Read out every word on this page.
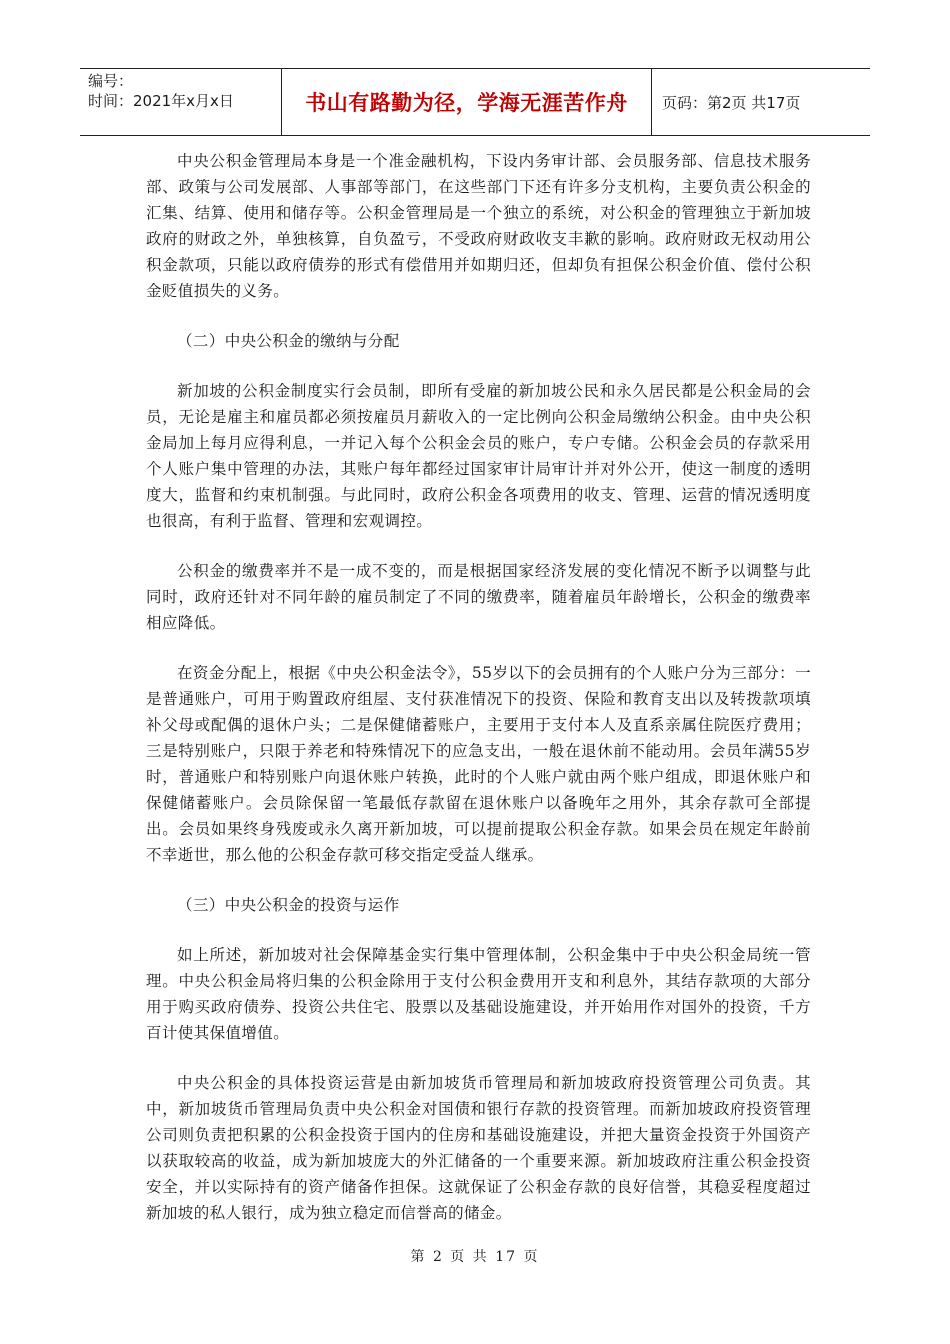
编号：
时间：2021年x月x日	书山有路勤为径，学海无涯苦作舟	页码：第2页 共17页

中央公积金管理局本身是一个准金融机构，下设内务审计部、会员服务部、信息技术服务部、政策与公司发展部、人事部等部门，在这些部门下还有许多分支机构，主要负责公积金的汇集、结算、使用和储存等。公积金管理局是一个独立的系统，对公积金的管理独立于新加坡政府的财政之外，单独核算，自负盈亏，不受政府财政收支丰歉的影响。政府财政无权动用公积金款项，只能以政府债券的形式有偿借用并如期归还，但却负有担保公积金价值、偿付公积金贬值损失的义务。

（二）中央公积金的缴纳与分配

新加坡的公积金制度实行会员制，即所有受雇的新加坡公民和永久居民都是公积金局的会员，无论是雇主和雇员都必须按雇员月薪收入的一定比例向公积金局缴纳公积金。由中央公积金局加上每月应得利息，一并记入每个公积金会员的账户，专户专储。公积金会员的存款采用个人账户集中管理的办法，其账户每年都经过国家审计局审计并对外公开，使这一制度的透明度大，监督和约束机制强。与此同时，政府公积金各项费用的收支、管理、运营的情况透明度也很高，有利于监督、管理和宏观调控。

公积金的缴费率并不是一成不变的，而是根据国家经济发展的变化情况不断予以调整与此同时，政府还针对不同年龄的雇员制定了不同的缴费率，随着雇员年龄增长，公积金的缴费率相应降低。

在资金分配上，根据《中央公积金法令》，55岁以下的会员拥有的个人账户分为三部分：一是普通账户，可用于购置政府组屋、支付获准情况下的投资、保险和教育支出以及转拨款项填补父母或配偶的退休户头；二是保健储蓄账户，主要用于支付本人及直系亲属住院医疗费用；三是特别账户，只限于养老和特殊情况下的应急支出，一般在退休前不能动用。会员年满55岁时，普通账户和特别账户向退休账户转换，此时的个人账户就由两个账户组成，即退休账户和保健储蓄账户。会员除保留一笔最低存款留在退休账户以备晚年之用外，其余存款可全部提出。会员如果终身残废或永久离开新加坡，可以提前提取公积金存款。如果会员在规定年龄前不幸逝世，那么他的公积金存款可移交指定受益人继承。

（三）中央公积金的投资与运作

如上所述，新加坡对社会保障基金实行集中管理体制，公积金集中于中央公积金局统一管理。中央公积金局将归集的公积金除用于支付公积金费用开支和利息外，其结存款项的大部分用于购买政府债券、投资公共住宅、股票以及基础设施建设，并开始用作对国外的投资，千方百计使其保值增值。

中央公积金的具体投资运营是由新加坡货币管理局和新加坡政府投资管理公司负责。其中，新加坡货币管理局负责中央公积金对国债和银行存款的投资管理。而新加坡政府投资管理公司则负责把积累的公积金投资于国内的住房和基础设施建设，并把大量资金投资于外国资产以获取较高的收益，成为新加坡庞大的外汇储备的一个重要来源。新加坡政府注重公积金投资安全，并以实际持有的资产储备作担保。这就保证了公积金存款的良好信誉，其稳妥程度超过新加坡的私人银行，成为独立稳定而信誉高的储金。

第 2 页 共 17 页
